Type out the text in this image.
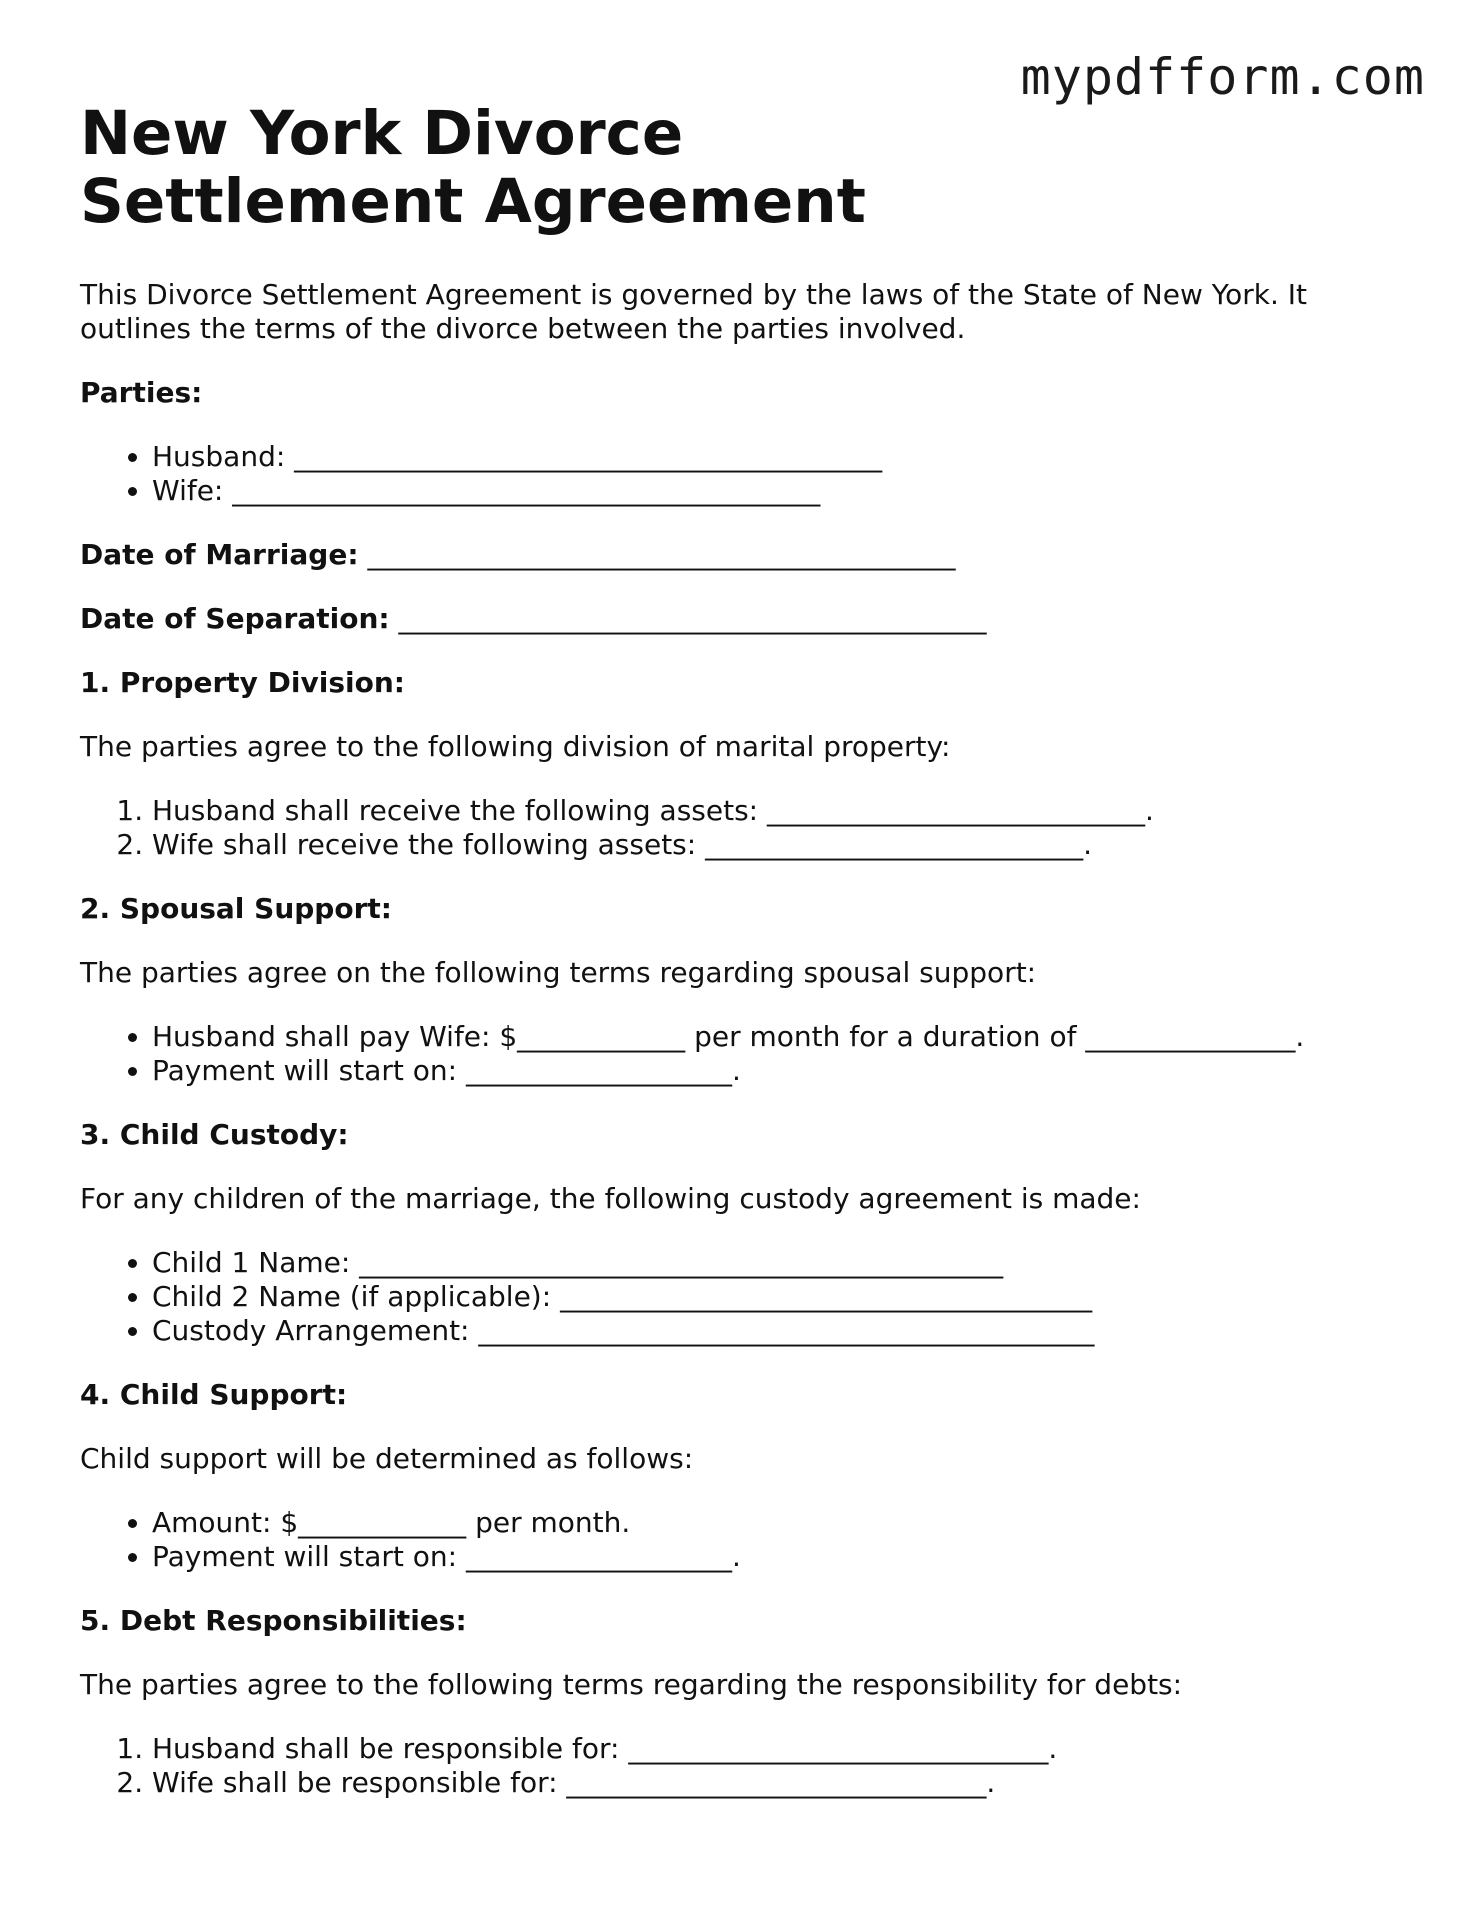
mypdfform.com
New York Divorce Settlement Agreement

This Divorce Settlement Agreement is governed by the laws of the State of New York. It outlines the terms of the divorce between the parties involved.

Parties:

• Husband: __________________________________________
• Wife: __________________________________________

Date of Marriage: __________________________________________

Date of Separation: __________________________________________

1. Property Division:

The parties agree to the following division of marital property:

1. Husband shall receive the following assets: ___________________________.
2. Wife shall receive the following assets: ___________________________.

2. Spousal Support:

The parties agree on the following terms regarding spousal support:

• Husband shall pay Wife: $____________ per month for a duration of _______________.
• Payment will start on: ___________________.

3. Child Custody:

For any children of the marriage, the following custody agreement is made:

• Child 1 Name: ______________________________________________
• Child 2 Name (if applicable): ______________________________________
• Custody Arrangement: ____________________________________________

4. Child Support:

Child support will be determined as follows:

• Amount: $____________ per month.
• Payment will start on: ___________________.

5. Debt Responsibilities:

The parties agree to the following terms regarding the responsibility for debts:

1. Husband shall be responsible for: ______________________________.
2. Wife shall be responsible for: ______________________________.
